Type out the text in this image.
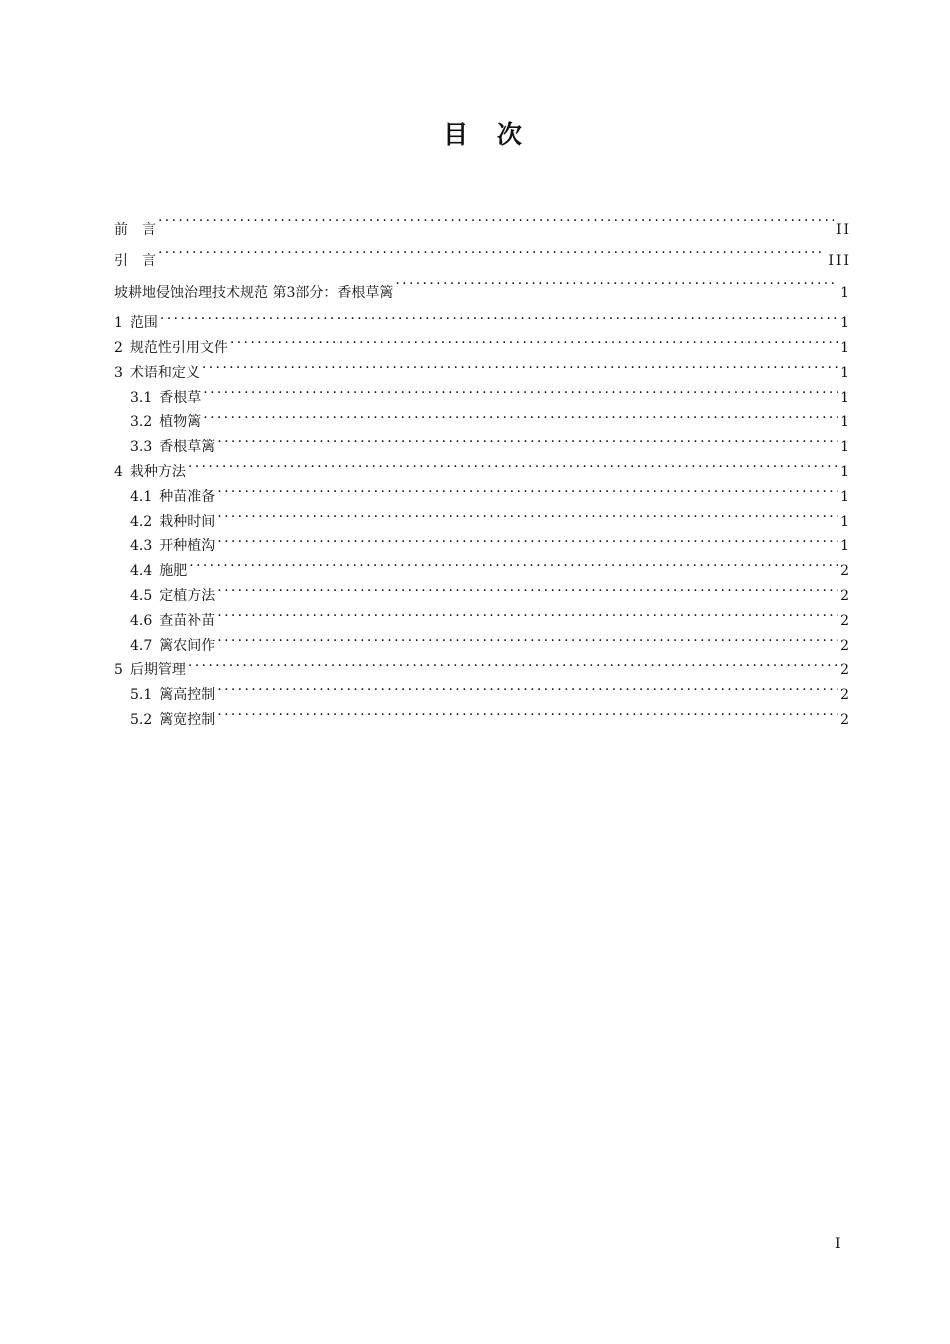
目 次
前　言 . . .	II
引　言 . . .	III
坡耕地侵蚀治理技术规范 第3部分：香根草篱 . . .	1
1 范围 . . .	1
2 规范性引用文件 . . .	1
3 术语和定义 . . .	1
3.1 香根草 . . .	1
3.2 植物篱 . . .	1
3.3 香根草篱 . . .	1
4 栽种方法 . . .	1
4.1 种苗准备 . . .	1
4.2 栽种时间 . . .	1
4.3 开种植沟 . . .	1
4.4 施肥 . . .	2
4.5 定植方法 . . .	2
4.6 查苗补苗 . . .	2
4.7 篱农间作 . . .	2
5 后期管理 . . .	2
5.1 篱高控制 . . .	2
5.2 篱宽控制 . . .	2
I
